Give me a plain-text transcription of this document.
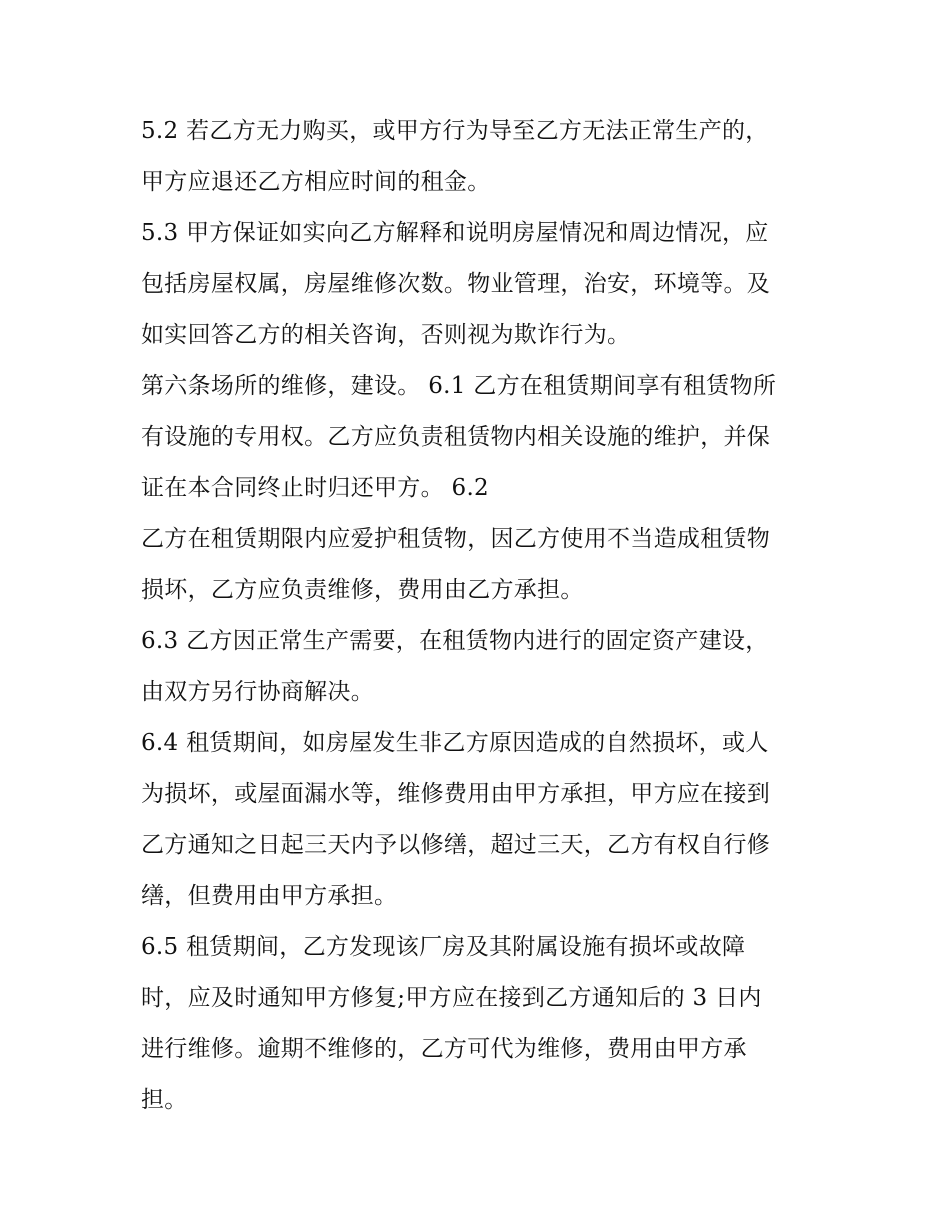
5.2 若乙方无力购买，或甲方行为导至乙方无法正常生产的，
甲方应退还乙方相应时间的租金。
5.3 甲方保证如实向乙方解释和说明房屋情况和周边情况，应
包括房屋权属，房屋维修次数。物业管理，治安，环境等。及
如实回答乙方的相关咨询，否则视为欺诈行为。
第六条场所的维修，建设。 6.1 乙方在租赁期间享有租赁物所
有设施的专用权。乙方应负责租赁物内相关设施的维护，并保
证在本合同终止时归还甲方。 6.2
乙方在租赁期限内应爱护租赁物，因乙方使用不当造成租赁物
损坏，乙方应负责维修，费用由乙方承担。
6.3 乙方因正常生产需要，在租赁物内进行的固定资产建设，
由双方另行协商解决。
6.4 租赁期间，如房屋发生非乙方原因造成的自然损坏，或人
为损坏，或屋面漏水等，维修费用由甲方承担，甲方应在接到
乙方通知之日起三天内予以修缮，超过三天，乙方有权自行修
缮，但费用由甲方承担。
6.5 租赁期间，乙方发现该厂房及其附属设施有损坏或故障
时，应及时通知甲方修复;甲方应在接到乙方通知后的 3 日内
进行维修。逾期不维修的，乙方可代为维修，费用由甲方承
担。
